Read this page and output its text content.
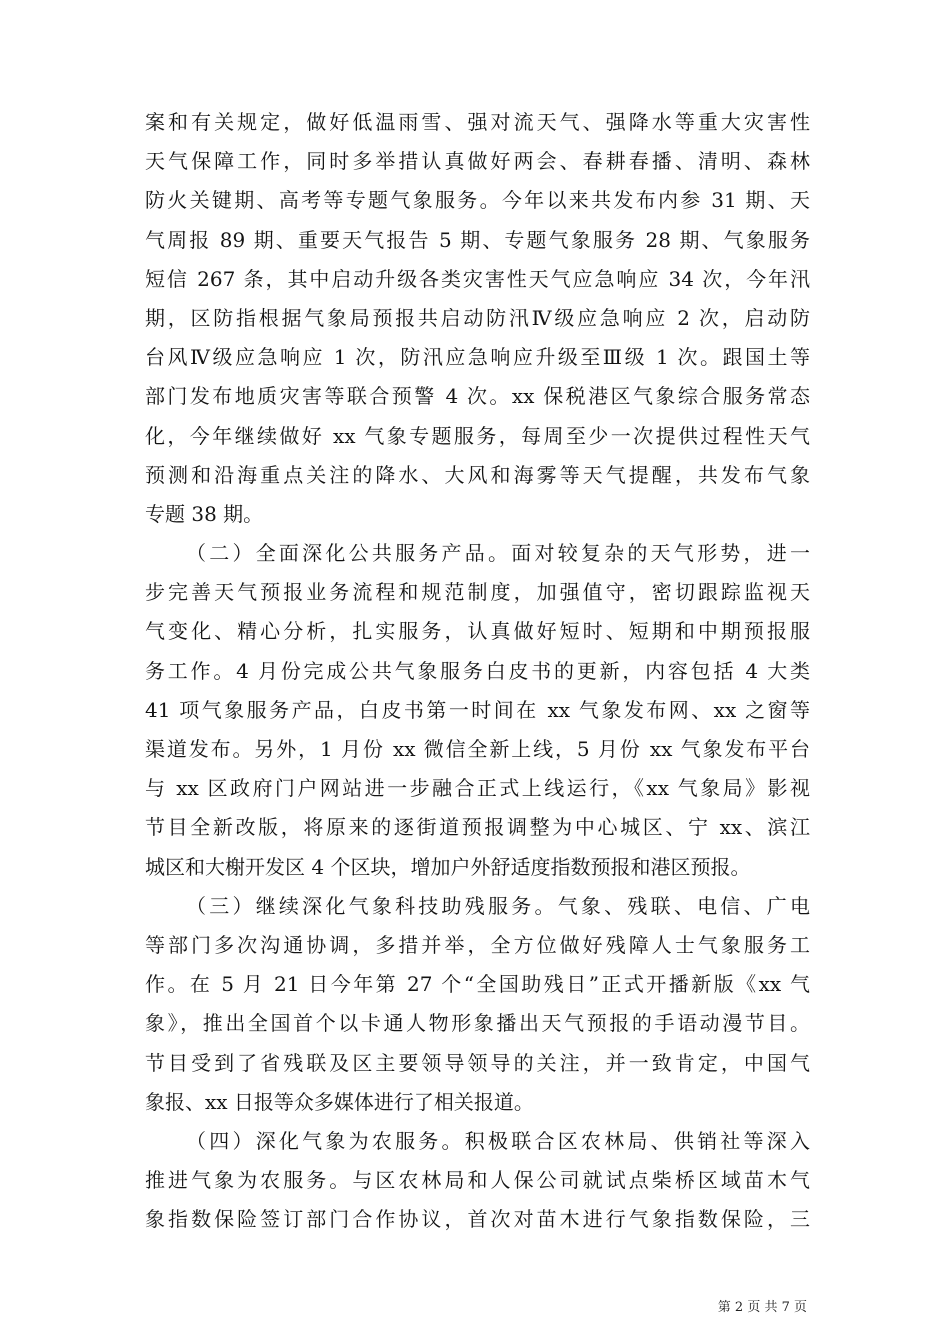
案和有关规定，做好低温雨雪、强对流天气、强降水等重大灾害性
天气保障工作，同时多举措认真做好两会、春耕春播、清明、森林
防火关键期、高考等专题气象服务。今年以来共发布内参 31 期、天
气周报 89 期、重要天气报告 5 期、专题气象服务 28 期、气象服务
短信 267 条，其中启动升级各类灾害性天气应急响应 34 次，今年汛
期，区防指根据气象局预报共启动防汛Ⅳ级应急响应 2 次，启动防
台风Ⅳ级应急响应 1 次，防汛应急响应升级至Ⅲ级 1 次。跟国土等
部门发布地质灾害等联合预警 4 次。xx 保税港区气象综合服务常态
化，今年继续做好 xx 气象专题服务，每周至少一次提供过程性天气
预测和沿海重点关注的降水、大风和海雾等天气提醒，共发布气象
专题 38 期。
（二）全面深化公共服务产品。面对较复杂的天气形势，进一
步完善天气预报业务流程和规范制度，加强值守，密切跟踪监视天
气变化、精心分析，扎实服务，认真做好短时、短期和中期预报服
务工作。4 月份完成公共气象服务白皮书的更新，内容包括 4 大类
41 项气象服务产品，白皮书第一时间在 xx 气象发布网、xx 之窗等
渠道发布。另外，1 月份 xx 微信全新上线，5 月份 xx 气象发布平台
与 xx 区政府门户网站进一步融合正式上线运行，《xx 气象局》影视
节目全新改版，将原来的逐街道预报调整为中心城区、宁 xx、滨江
城区和大榭开发区 4 个区块，增加户外舒适度指数预报和港区预报。
（三）继续深化气象科技助残服务。气象、残联、电信、广电
等部门多次沟通协调，多措并举，全方位做好残障人士气象服务工
作。在 5 月 21 日今年第 27 个“全国助残日”正式开播新版《xx 气
象》，推出全国首个以卡通人物形象播出天气预报的手语动漫节目。
节目受到了省残联及区主要领导领导的关注，并一致肯定，中国气
象报、xx 日报等众多媒体进行了相关报道。
（四）深化气象为农服务。积极联合区农林局、供销社等深入
推进气象为农服务。与区农林局和人保公司就试点柴桥区域苗木气
象指数保险签订部门合作协议，首次对苗木进行气象指数保险，三
第 2 页 共 7 页
